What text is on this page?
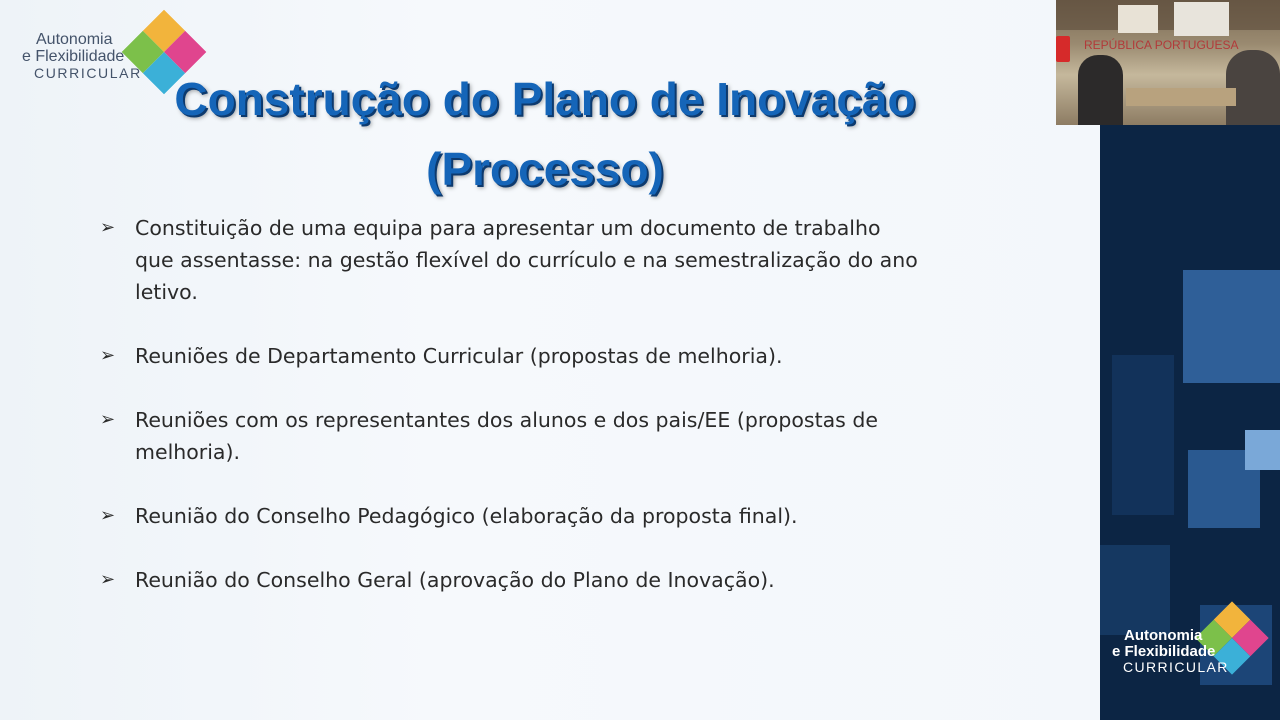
Autonomia
e Flexibilidade
CURRICULAR Construção do Plano de Inovação
(Processo)
➢ Constituição de uma equipa para apresentar um documento de trabalho que assentasse: na gestão flexível do currículo e na semestralização do ano letivo.
➢ Reuniões de Departamento Curricular (propostas de melhoria).
➢ Reuniões com os representantes dos alunos e dos pais/EE (propostas de melhoria).
➢ Reunião do Conselho Pedagógico (elaboração da proposta final).
➢ Reunião do Conselho Geral (aprovação do Plano de Inovação).
REPÚBLICA PORTUGUESA
Autonomia
e Flexibilidade
CURRICULAR
